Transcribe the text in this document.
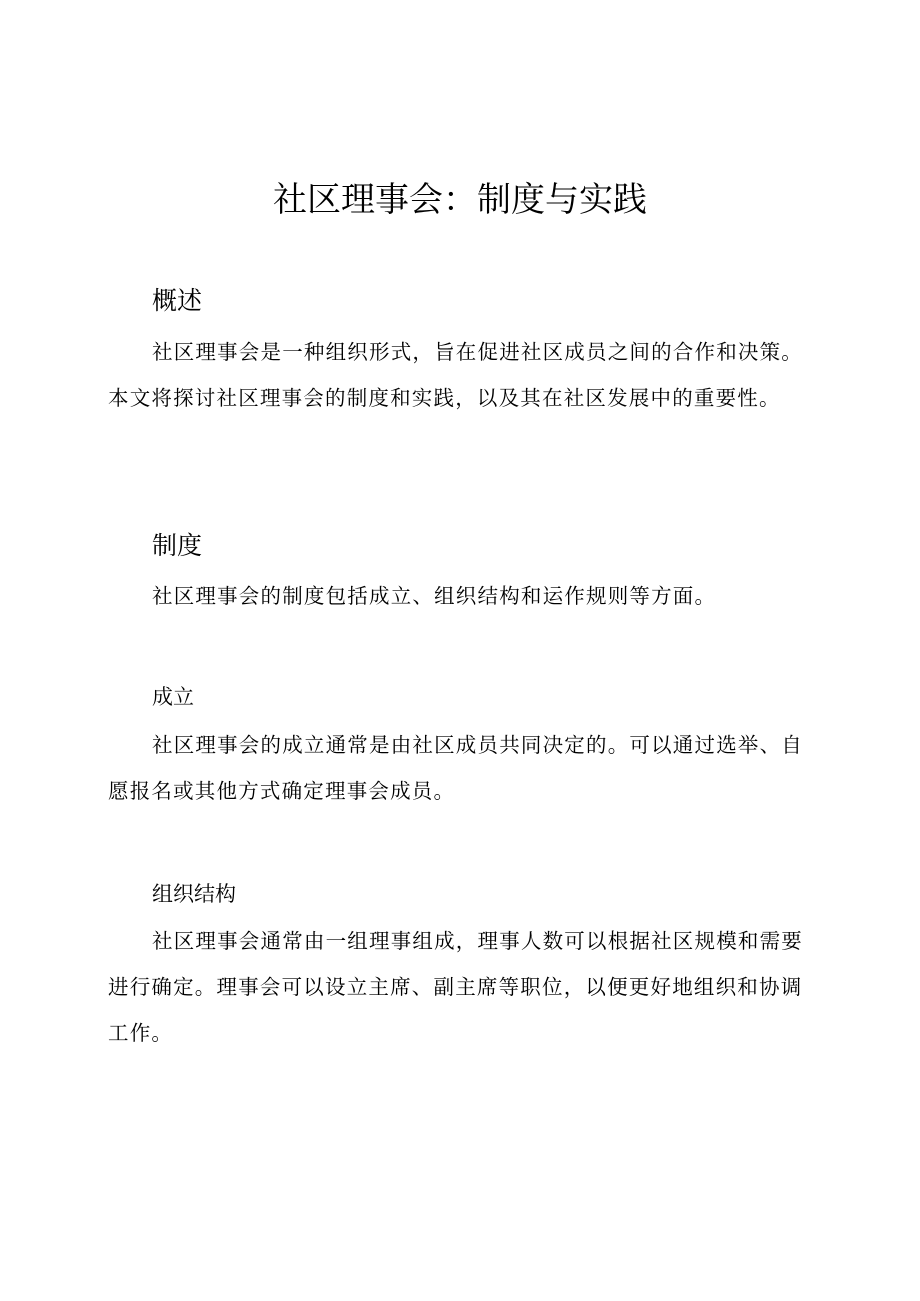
社区理事会：制度与实践
概述

社区理事会是一种组织形式，旨在促进社区成员之间的合作和决策。本文将探讨社区理事会的制度和实践，以及其在社区发展中的重要性。

制度

社区理事会的制度包括成立、组织结构和运作规则等方面。

成立

社区理事会的成立通常是由社区成员共同决定的。可以通过选举、自愿报名或其他方式确定理事会成员。

组织结构

社区理事会通常由一组理事组成，理事人数可以根据社区规模和需要进行确定。理事会可以设立主席、副主席等职位，以便更好地组织和协调工作。
